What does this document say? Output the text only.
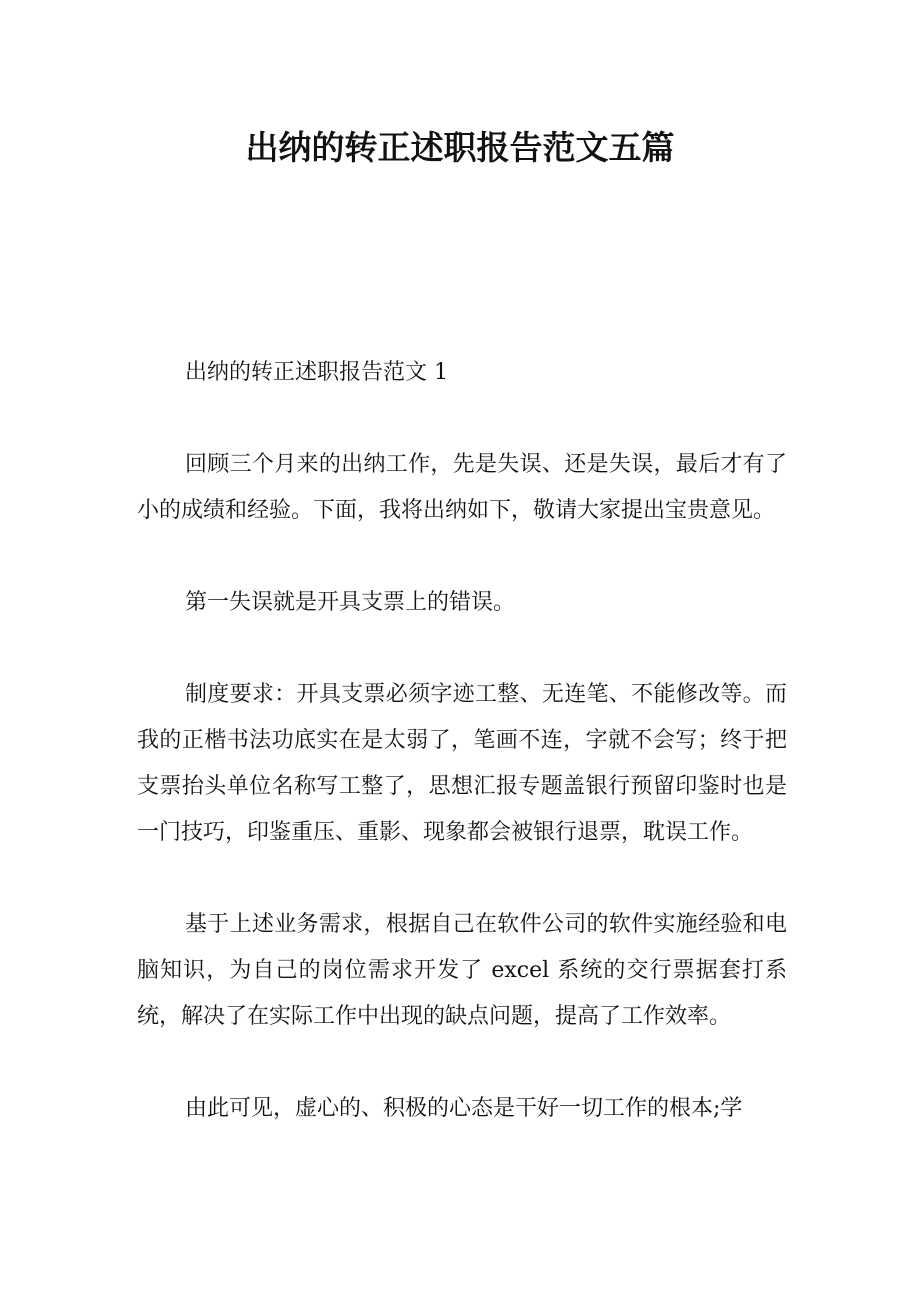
出纳的转正述职报告范文五篇

出纳的转正述职报告范文 1

回顾三个月来的出纳工作，先是失误、还是失误，最后才有了小的成绩和经验。下面，我将出纳如下，敬请大家提出宝贵意见。

第一失误就是开具支票上的错误。

制度要求：开具支票必须字迹工整、无连笔、不能修改等。而我的正楷书法功底实在是太弱了，笔画不连，字就不会写；终于把支票抬头单位名称写工整了，思想汇报专题盖银行预留印鉴时也是一门技巧，印鉴重压、重影、现象都会被银行退票，耽误工作。

基于上述业务需求，根据自己在软件公司的软件实施经验和电脑知识，为自己的岗位需求开发了 excel 系统的交行票据套打系统，解决了在实际工作中出现的缺点问题，提高了工作效率。

由此可见，虚心的、积极的心态是干好一切工作的根本;学
